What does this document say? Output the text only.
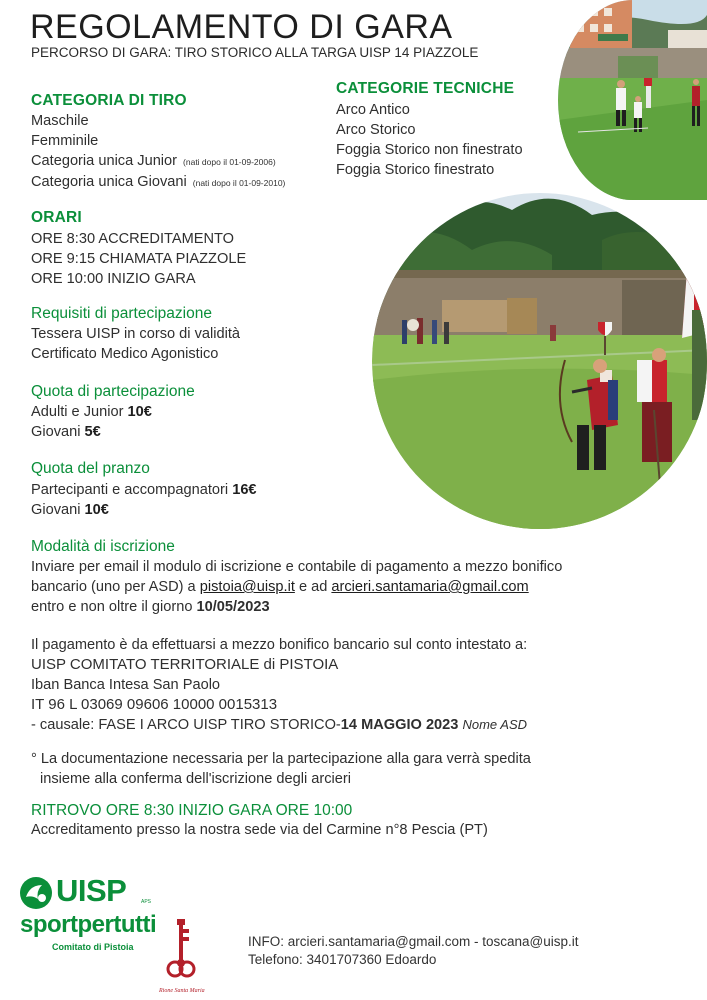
REGOLAMENTO DI GARA
PERCORSO DI GARA: TIRO STORICO ALLA TARGA UISP 14 PIAZZOLE
CATEGORIA DI TIRO
Maschile
Femminile
Categoria unica Junior (nati dopo il 01-09-2006)
Categoria unica Giovani (nati dopo il 01-09-2010)
CATEGORIE TECNICHE
Arco Antico
Arco Storico
Foggia Storico non finestrato
Foggia Storico finestrato
ORARI
ORE 8:30 ACCREDITAMENTO
ORE 9:15 CHIAMATA PIAZZOLE
ORE 10:00 INIZIO GARA
Requisiti di partecipazione
Tessera UISP in corso di validità
Certificato Medico Agonistico
Quota di partecipazione
Adulti e Junior 10€
Giovani 5€
Quota del pranzo
Partecipanti e accompagnatori 16€
Giovani 10€
Modalità di iscrizione
Inviare per email il modulo di iscrizione e contabile di pagamento a mezzo bonifico
bancario (uno per ASD) a pistoia@uisp.it e ad arcieri.santamaria@gmail.com
entro e non oltre il giorno 10/05/2023
Il pagamento è da effettuarsi a mezzo bonifico bancario sul conto intestato a:
UISP COMITATO TERRITORIALE di PISTOIA
Iban Banca Intesa San Paolo
IT 96 L 03069 09606 10000 0015313
- causale: FASE I ARCO UISP TIRO STORICO-14 MAGGIO 2023 Nome ASD
° La documentazione necessaria per la partecipazione alla gara verrà spedita
insieme alla conferma dell'iscrizione degli arcieri
RITROVO ORE 8:30 INIZIO GARA ORE 10:00
Accreditamento presso la nostra sede via del Carmine n°8 Pescia (PT)
UISP	APS
sportpertutti
Comitato di Pistoia
Rione Santa Maria
INFO: arcieri.santamaria@gmail.com - toscana@uisp.it
Telefono: 3401707360 Edoardo
